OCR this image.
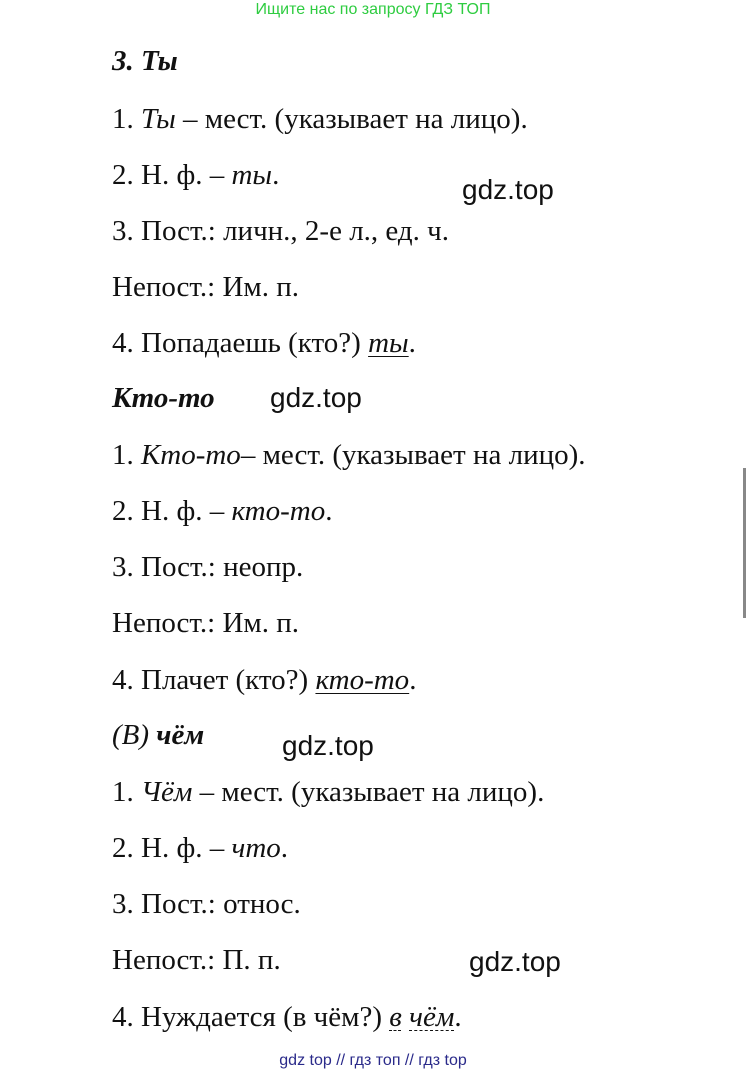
Ищите нас по запросу ГДЗ ТОП
3. Ты
1. Ты – мест. (указывает на лицо).
2. Н. ф. – ты.
3. Пост.: личн., 2-е л., ед. ч.
Непост.: Им. п.
4. Попадаешь (кто?) ты.
Кто-то
1. Кто-то– мест. (указывает на лицо).
2. Н. ф. – кто-то.
3. Пост.: неопр.
Непост.: Им. п.
4. Плачет (кто?) кто-то.
(В) чём
1. Чём – мест. (указывает на лицо).
2. Н. ф. – что.
3. Пост.: относ.
Непост.: П. п.
4. Нуждается (в чём?) в чём.
gdz.top
gdz.top
gdz.top
gdz.top
gdz top // гдз топ // гдз top
